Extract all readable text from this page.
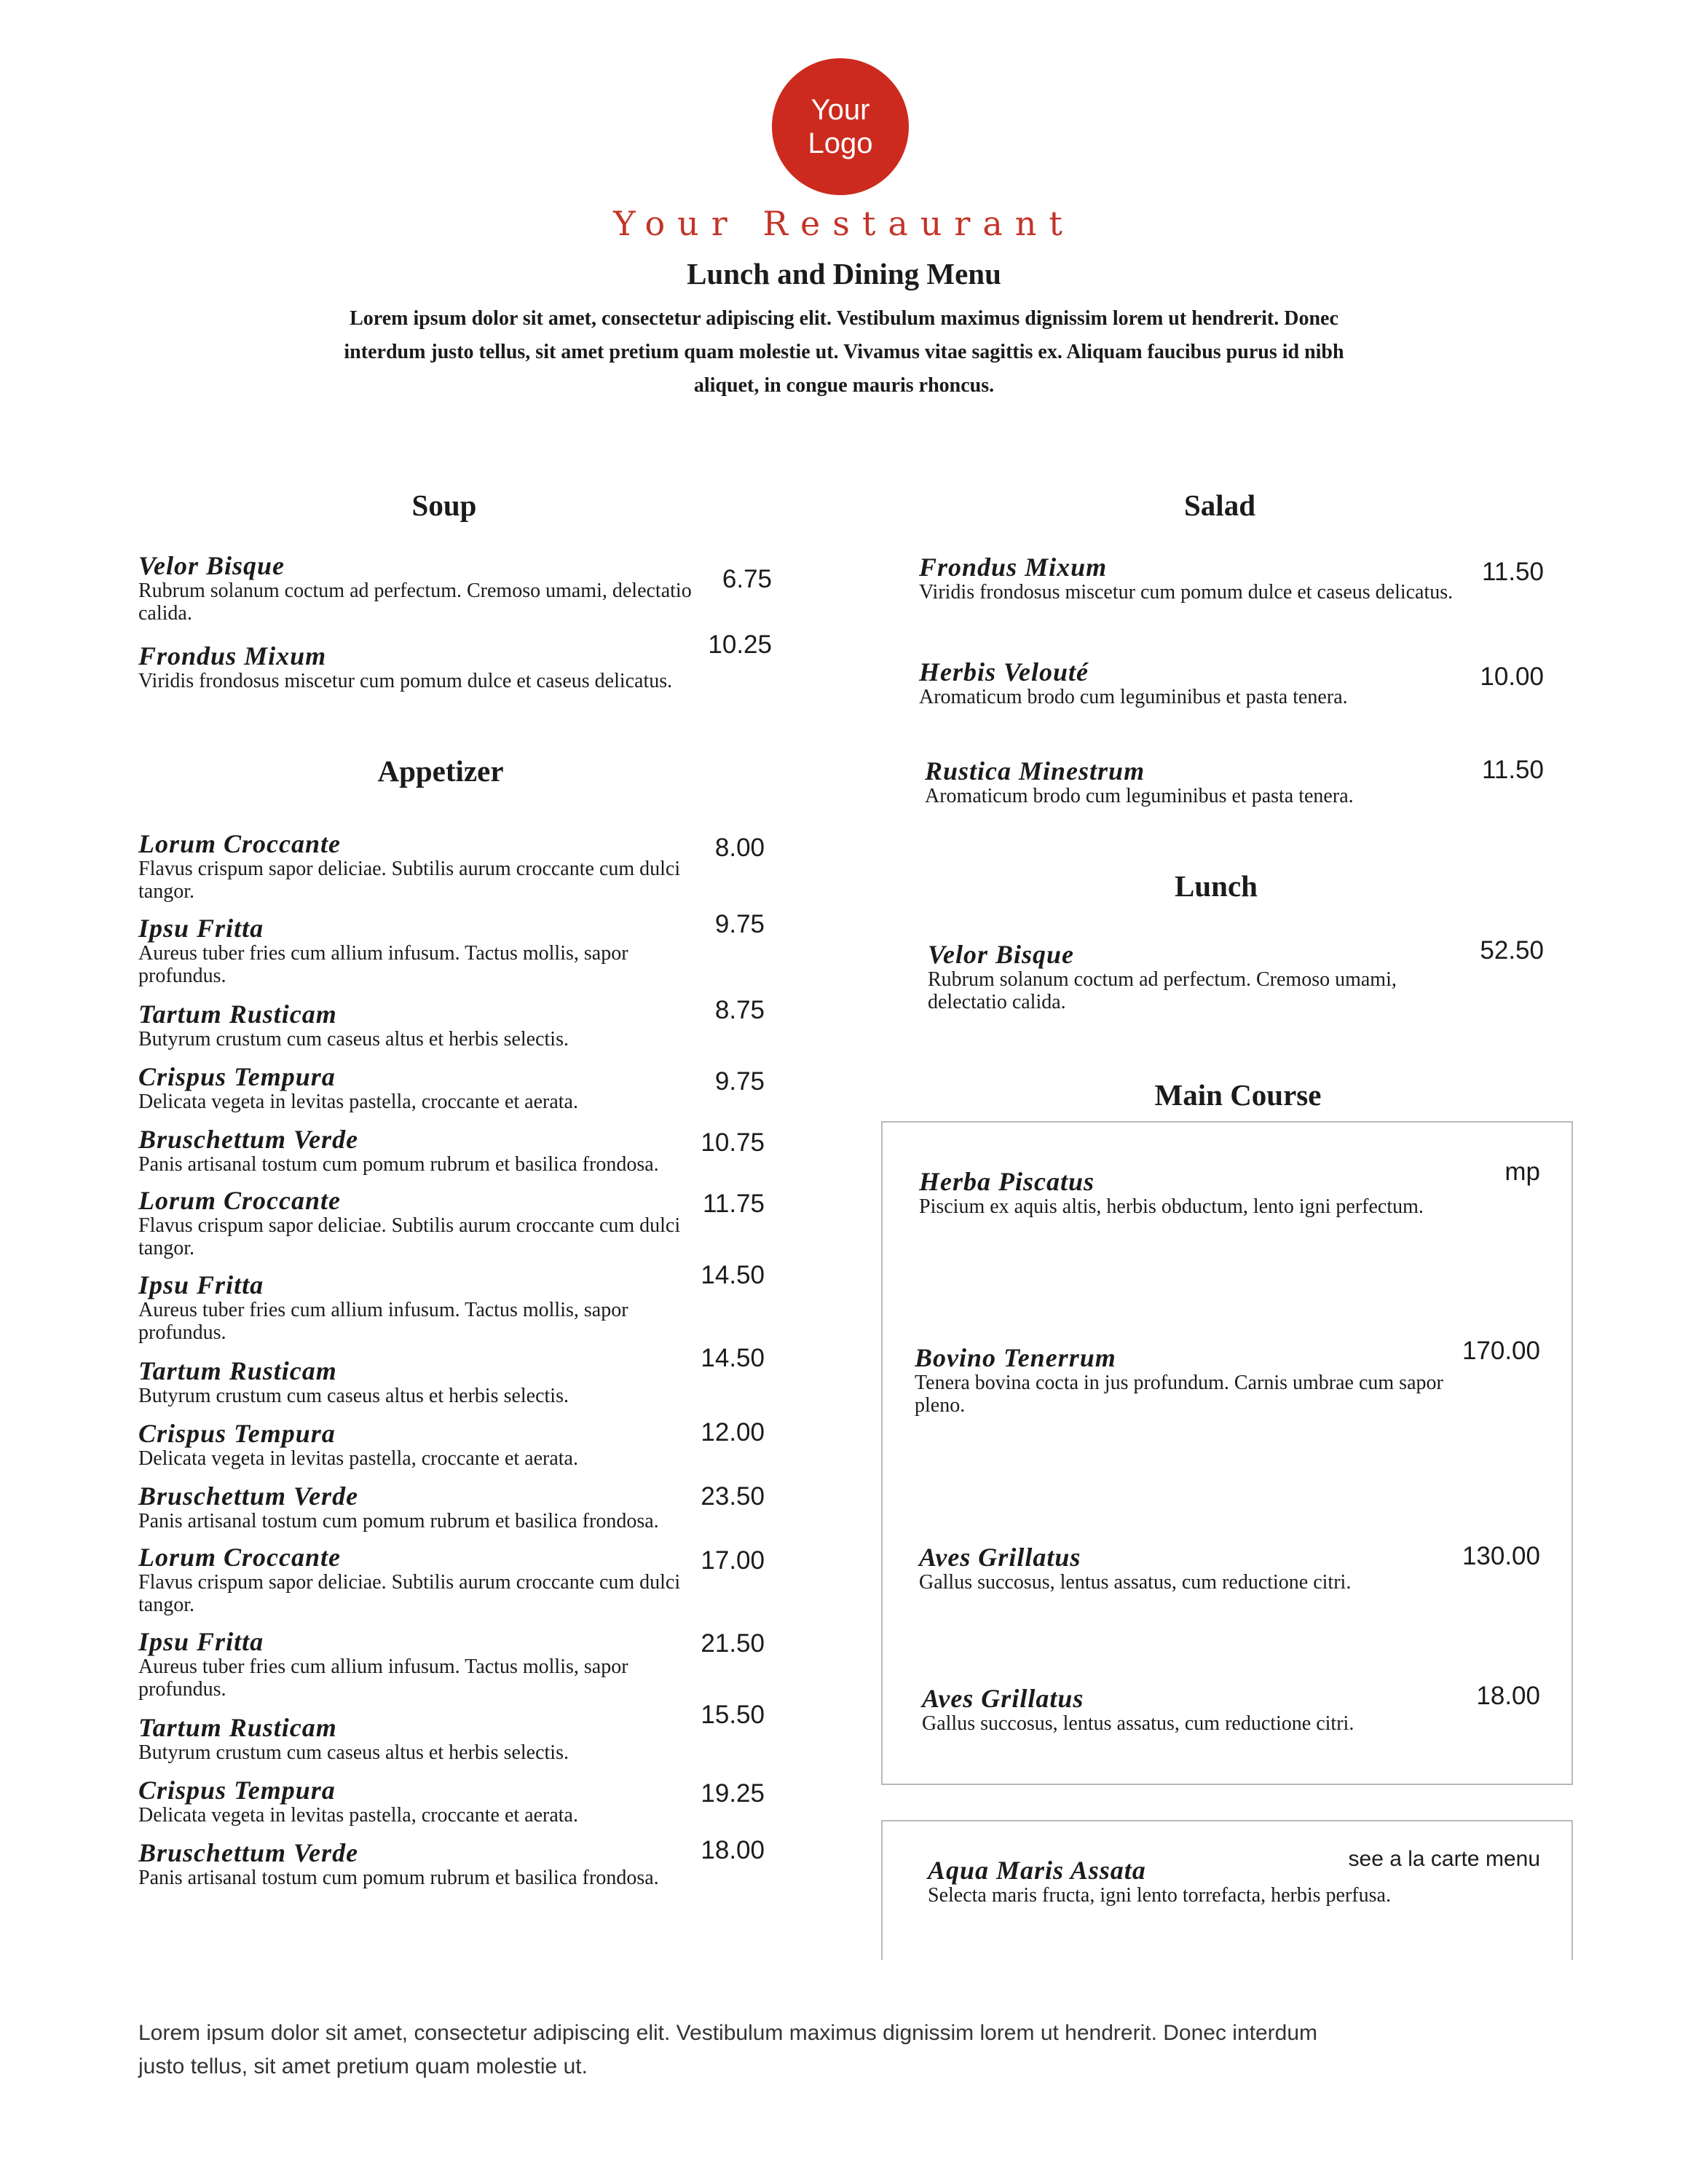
Your
Logo
Your Restaurant
Lunch and Dining Menu
Lorem ipsum dolor sit amet, consectetur adipiscing elit. Vestibulum maximus dignissim lorem ut hendrerit. Donec interdum justo tellus, sit amet pretium quam molestie ut. Vivamus vitae sagittis ex. Aliquam faucibus purus id nibh aliquet, in congue mauris rhoncus.
Soup
Velor Bisque
Rubrum solanum coctum ad perfectum. Cremoso umami, delectatio calida.
6.75
Frondus Mixum
Viridis frondosus miscetur cum pomum dulce et caseus delicatus.
10.25
Appetizer
Lorum Croccante
Flavus crispum sapor deliciae. Subtilis aurum croccante cum dulci tangor.
8.00
Ipsu Fritta
Aureus tuber fries cum allium infusum. Tactus mollis, sapor profundus.
9.75
Tartum Rusticam
Butyrum crustum cum caseus altus et herbis selectis.
8.75
Crispus Tempura
Delicata vegeta in levitas pastella, croccante et aerata.
9.75
Bruschettum Verde
Panis artisanal tostum cum pomum rubrum et basilica frondosa.
10.75
Lorum Croccante
Flavus crispum sapor deliciae. Subtilis aurum croccante cum dulci tangor.
11.75
Ipsu Fritta
Aureus tuber fries cum allium infusum. Tactus mollis, sapor profundus.
14.50
Tartum Rusticam
Butyrum crustum cum caseus altus et herbis selectis.
14.50
Crispus Tempura
Delicata vegeta in levitas pastella, croccante et aerata.
12.00
Bruschettum Verde
Panis artisanal tostum cum pomum rubrum et basilica frondosa.
23.50
Lorum Croccante
Flavus crispum sapor deliciae. Subtilis aurum croccante cum dulci tangor.
17.00
Ipsu Fritta
Aureus tuber fries cum allium infusum. Tactus mollis, sapor profundus.
21.50
Tartum Rusticam
Butyrum crustum cum caseus altus et herbis selectis.
15.50
Crispus Tempura
Delicata vegeta in levitas pastella, croccante et aerata.
19.25
Bruschettum Verde
Panis artisanal tostum cum pomum rubrum et basilica frondosa.
18.00
Salad
Frondus Mixum
Viridis frondosus miscetur cum pomum dulce et caseus delicatus.
11.50
Herbis Velouté
Aromaticum brodo cum leguminibus et pasta tenera.
10.00
Rustica Minestrum
Aromaticum brodo cum leguminibus et pasta tenera.
11.50
Lunch
Velor Bisque
Rubrum solanum coctum ad perfectum. Cremoso umami, delectatio calida.
52.50
Main Course
Herba Piscatus
Piscium ex aquis altis, herbis obductum, lento igni perfectum.
mp
Bovino Tenerrum
Tenera bovina cocta in jus profundum. Carnis umbrae cum sapor pleno.
170.00
Aves Grillatus
Gallus succosus, lentus assatus, cum reductione citri.
130.00
Aves Grillatus
Gallus succosus, lentus assatus, cum reductione citri.
18.00
Aqua Maris Assata
Selecta maris fructa, igni lento torrefacta, herbis perfusa.
see a la carte menu
Lorem ipsum dolor sit amet, consectetur adipiscing elit. Vestibulum maximus dignissim lorem ut hendrerit. Donec interdum justo tellus, sit amet pretium quam molestie ut.
